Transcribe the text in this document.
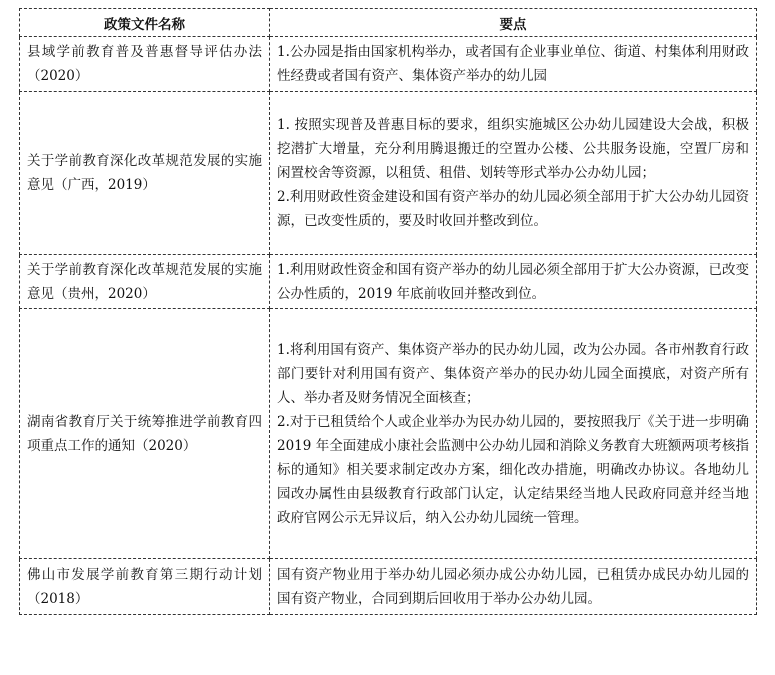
政策文件名称	要点
县域学前教育普及普惠督导评估办法（2020）	1.公办园是指由国家机构举办，或者国有企业事业单位、街道、村集体利用财政性经费或者国有资产、集体资产举办的幼儿园

关于学前教育深化改革规范发展的实施意见（广西，2019）	1. 按照实现普及普惠目标的要求，组织实施城区公办幼儿园建设大会战，积极挖潜扩大增量，充分利用腾退搬迁的空置办公楼、公共服务设施，空置厂房和闲置校舍等资源，以租赁、租借、划转等形式举办公办幼儿园；
2.利用财政性资金建设和国有资产举办的幼儿园必须全部用于扩大公办幼儿园资源，已改变性质的，要及时收回并整改到位。

关于学前教育深化改革规范发展的实施意见（贵州，2020）	1.利用财政性资金和国有资产举办的幼儿园必须全部用于扩大公办资源，已改变公办性质的，2019 年底前收回并整改到位。

湖南省教育厅关于统筹推进学前教育四项重点工作的通知（2020）	1.将利用国有资产、集体资产举办的民办幼儿园，改为公办园。各市州教育行政部门要针对利用国有资产、集体资产举办的民办幼儿园全面摸底，对资产所有人、举办者及财务情况全面核查；
2.对于已租赁给个人或企业举办为民办幼儿园的，要按照我厅《关于进一步明确 2019 年全面建成小康社会监测中公办幼儿园和消除义务教育大班额两项考核指标的通知》相关要求制定改办方案，细化改办措施，明确改办协议。各地幼儿园改办属性由县级教育行政部门认定，认定结果经当地人民政府同意并经当地政府官网公示无异议后，纳入公办幼儿园统一管理。

佛山市发展学前教育第三期行动计划（2018）	国有资产物业用于举办幼儿园必须办成公办幼儿园，已租赁办成民办幼儿园的国有资产物业，合同到期后回收用于举办公办幼儿园。
